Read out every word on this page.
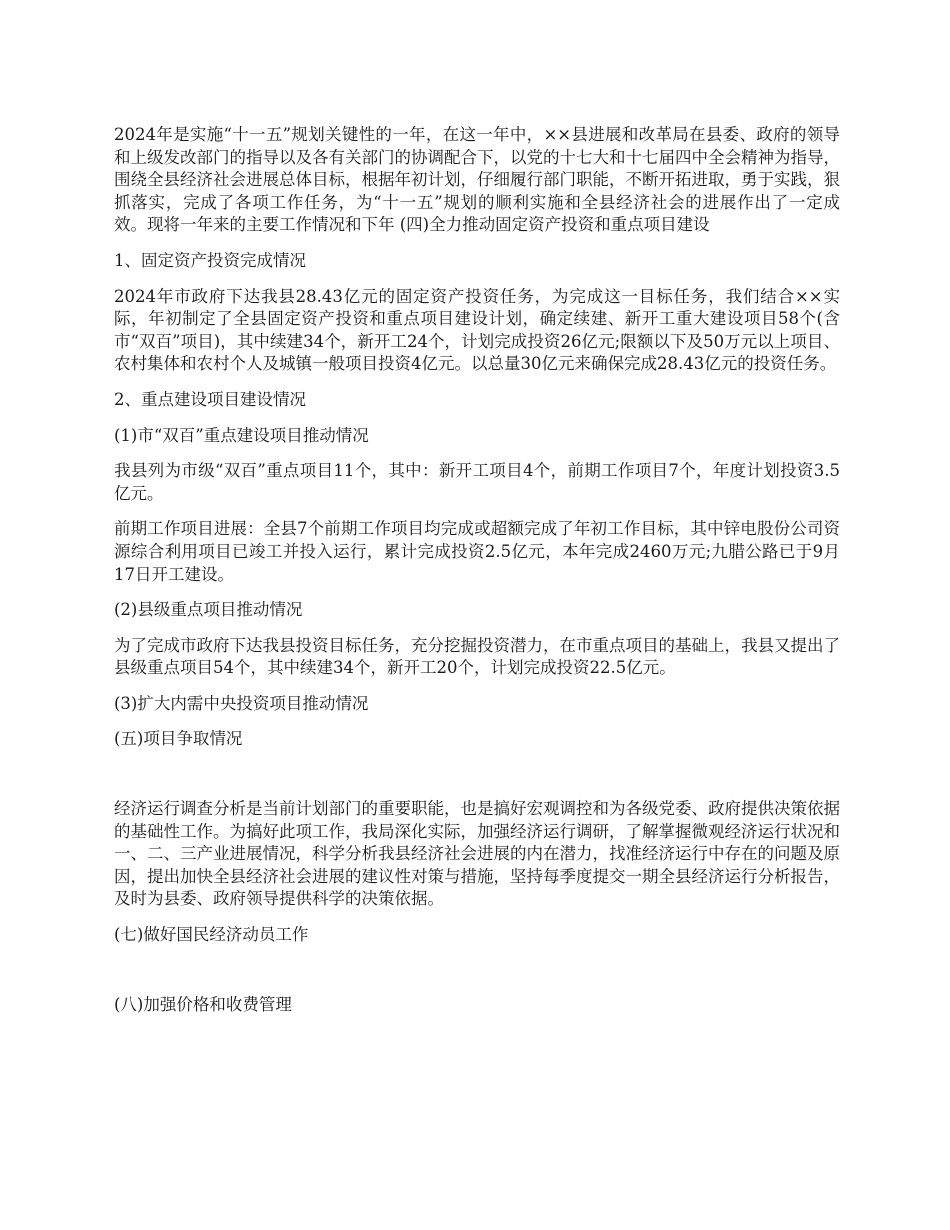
2024年是实施“十一五”规划关键性的一年，在这一年中，××县进展和改革局在县委、政府的领导和上级发改部门的指导以及各有关部门的协调配合下，以党的十七大和十七届四中全会精神为指导，围绕全县经济社会进展总体目标，根据年初计划，仔细履行部门职能，不断开拓进取，勇于实践，狠抓落实，完成了各项工作任务，为“十一五”规划的顺利实施和全县经济社会的进展作出了一定成效。现将一年来的主要工作情况和下年 (四)全力推动固定资产投资和重点项目建设

1、固定资产投资完成情况

2024年市政府下达我县28.43亿元的固定资产投资任务，为完成这一目标任务，我们结合××实际，年初制定了全县固定资产投资和重点项目建设计划，确定续建、新开工重大建设项目58个(含市“双百”项目)，其中续建34个，新开工24个，计划完成投资26亿元;限额以下及50万元以上项目、农村集体和农村个人及城镇一般项目投资4亿元。以总量30亿元来确保完成28.43亿元的投资任务。

2、重点建设项目建设情况

(1)市“双百”重点建设项目推动情况

我县列为市级“双百”重点项目11个，其中：新开工项目4个，前期工作项目7个，年度计划投资3.5亿元。

前期工作项目进展：全县7个前期工作项目均完成或超额完成了年初工作目标，其中锌电股份公司资源综合利用项目已竣工并投入运行，累计完成投资2.5亿元，本年完成2460万元;九腊公路已于9月17日开工建设。

(2)县级重点项目推动情况

为了完成市政府下达我县投资目标任务，充分挖掘投资潜力，在市重点项目的基础上，我县又提出了县级重点项目54个，其中续建34个，新开工20个，计划完成投资22.5亿元。

(3)扩大内需中央投资项目推动情况

(五)项目争取情况

经济运行调查分析是当前计划部门的重要职能，也是搞好宏观调控和为各级党委、政府提供决策依据的基础性工作。为搞好此项工作，我局深化实际，加强经济运行调研，了解掌握微观经济运行状况和一、二、三产业进展情况，科学分析我县经济社会进展的内在潜力，找准经济运行中存在的问题及原因，提出加快全县经济社会进展的建议性对策与措施，坚持每季度提交一期全县经济运行分析报告，及时为县委、政府领导提供科学的决策依据。

(七)做好国民经济动员工作

(八)加强价格和收费管理
